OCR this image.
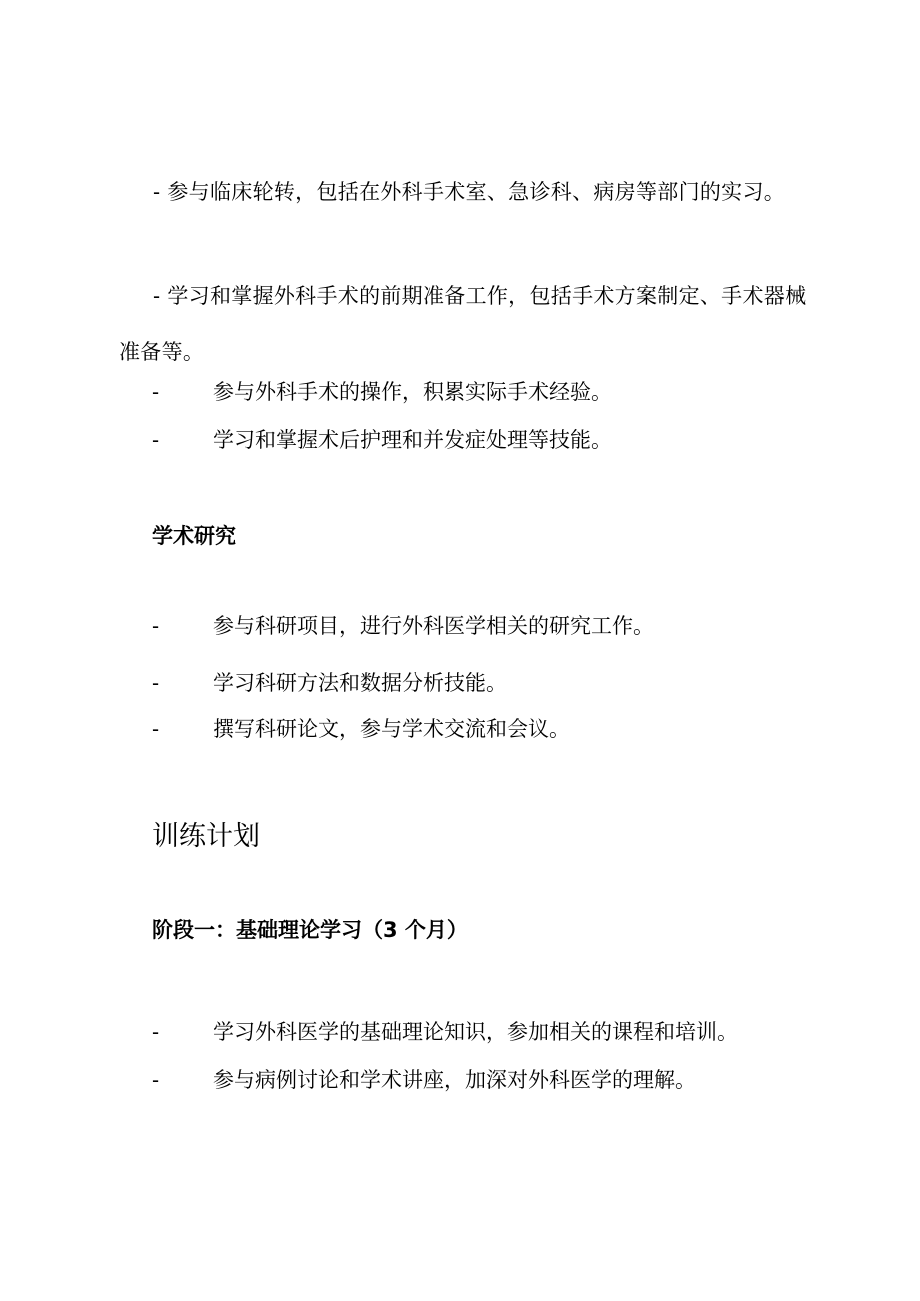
- 参与临床轮转，包括在外科手术室、急诊科、病房等部门的实习。
- 学习和掌握外科手术的前期准备工作，包括手术方案制定、手术器械准备等。
-	参与外科手术的操作，积累实际手术经验。
-	学习和掌握术后护理和并发症处理等技能。
学术研究
-	参与科研项目，进行外科医学相关的研究工作。
-	学习科研方法和数据分析技能。
-	撰写科研论文，参与学术交流和会议。
训练计划
阶段一：基础理论学习（3 个月）
-	学习外科医学的基础理论知识，参加相关的课程和培训。
-	参与病例讨论和学术讲座，加深对外科医学的理解。
